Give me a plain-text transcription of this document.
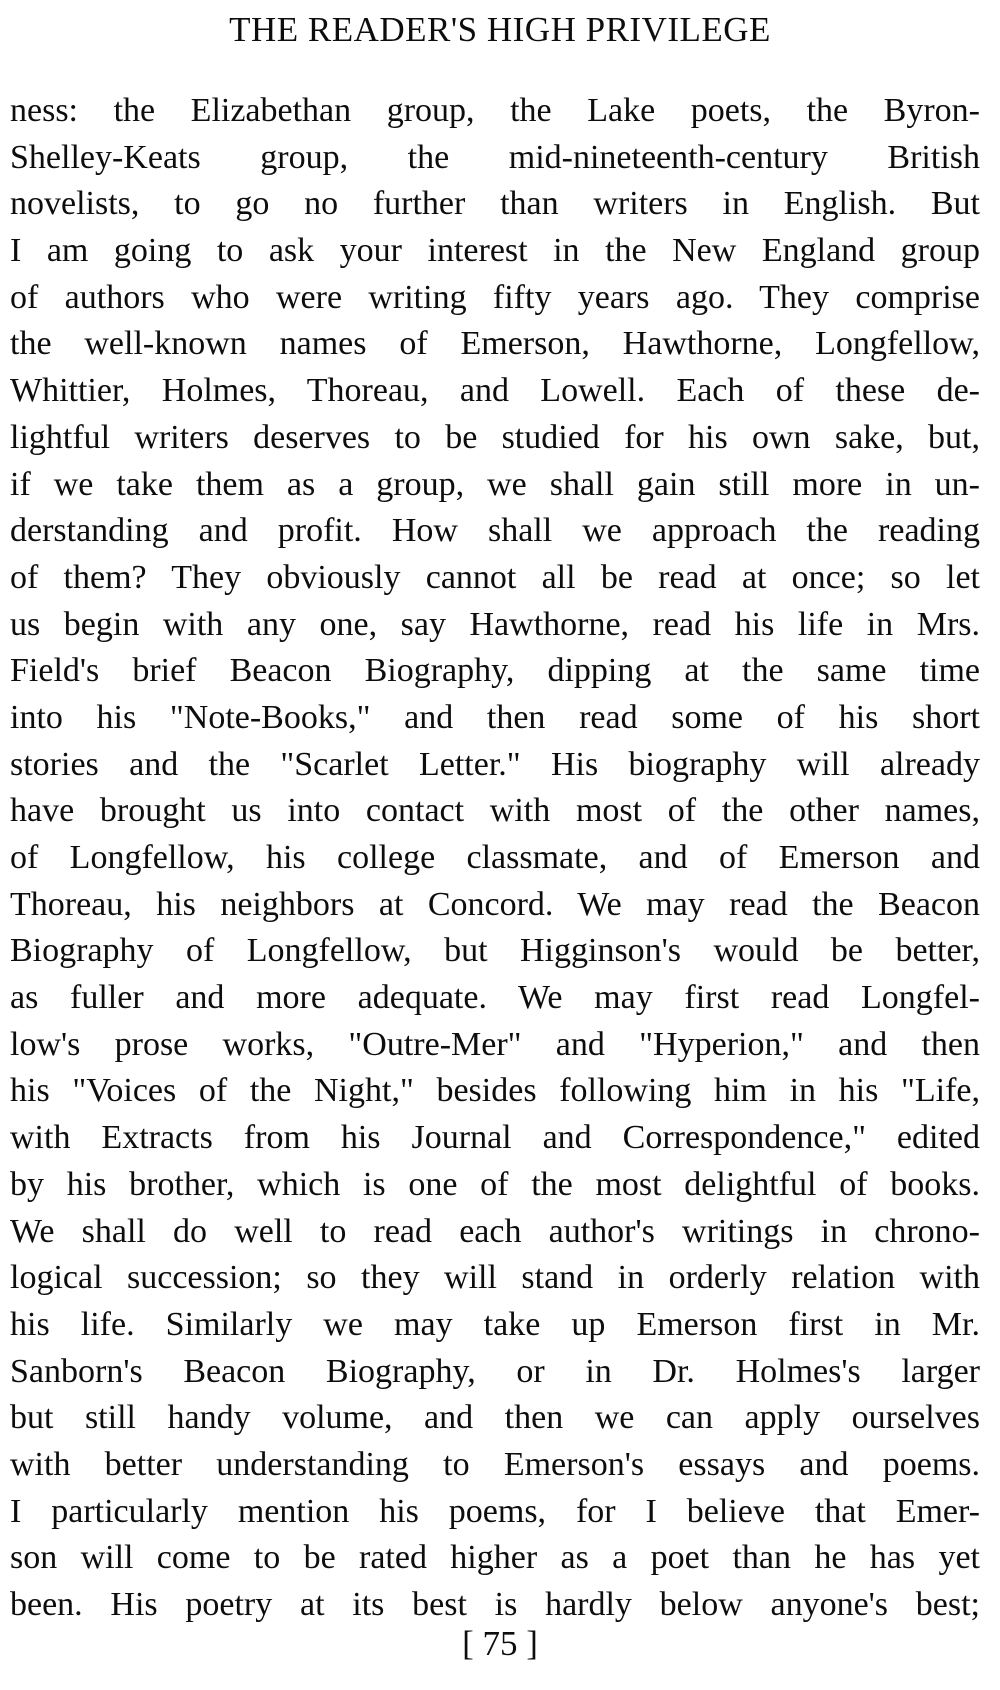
THE READER'S HIGH PRIVILEGE
ness: the Elizabethan group, the Lake poets, the Byron-
Shelley-Keats group, the mid-nineteenth-century British
novelists, to go no further than writers in English. But
I am going to ask your interest in the New England group
of authors who were writing fifty years ago. They comprise
the well-known names of Emerson, Hawthorne, Longfellow,
Whittier, Holmes, Thoreau, and Lowell. Each of these de-
lightful writers deserves to be studied for his own sake, but,
if we take them as a group, we shall gain still more in un-
derstanding and profit. How shall we approach the reading
of them? They obviously cannot all be read at once; so let
us begin with any one, say Hawthorne, read his life in Mrs.
Field's brief Beacon Biography, dipping at the same time
into his "Note-Books," and then read some of his short
stories and the "Scarlet Letter." His biography will already
have brought us into contact with most of the other names,
of Longfellow, his college classmate, and of Emerson and
Thoreau, his neighbors at Concord. We may read the Beacon
Biography of Longfellow, but Higginson's would be better,
as fuller and more adequate. We may first read Longfel-
low's prose works, "Outre-Mer" and "Hyperion," and then
his "Voices of the Night," besides following him in his "Life,
with Extracts from his Journal and Correspondence," edited
by his brother, which is one of the most delightful of books.
We shall do well to read each author's writings in chrono-
logical succession; so they will stand in orderly relation with
his life. Similarly we may take up Emerson first in Mr.
Sanborn's Beacon Biography, or in Dr. Holmes's larger
but still handy volume, and then we can apply ourselves
with better understanding to Emerson's essays and poems.
I particularly mention his poems, for I believe that Emer-
son will come to be rated higher as a poet than he has yet
been. His poetry at its best is hardly below anyone's best;
[ 75 ]
